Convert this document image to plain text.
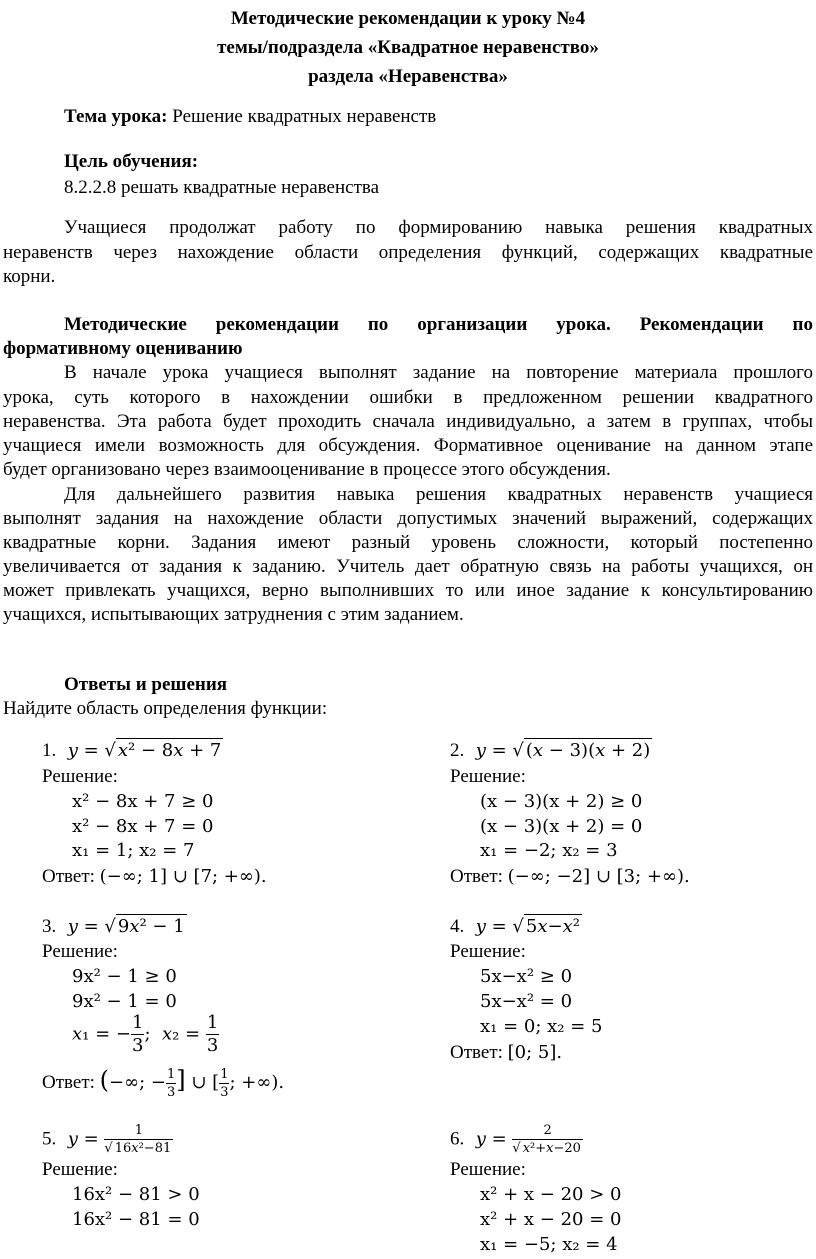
Методические рекомендации к уроку №4
темы/подраздела «Квадратное неравенство»
раздела «Неравенства»
Тема урока: Решение квадратных неравенств
Цель обучения:
8.2.2.8 решать квадратные неравенства
Учащиеся продолжат работу по формированию навыка решения квадратных
неравенств через нахождение области определения функций, содержащих квадратные
корни.
Методические рекомендации по организации урока. Рекомендации по
формативному оцениванию
В начале урока учащиеся выполнят задание на повторение материала прошлого
урока, суть которого в нахождении ошибки в предложенном решении квадратного
неравенства. Эта работа будет проходить сначала индивидуально, а затем в группах, чтобы
учащиеся имели возможность для обсуждения. Формативное оценивание на данном этапе
будет организовано через взаимооценивание в процессе этого обсуждения.
Для дальнейшего развития навыка решения квадратных неравенств учащиеся
выполнят задания на нахождение области допустимых значений выражений, содержащих
квадратные корни. Задания имеют разный уровень сложности, который постепенно
увеличивается от задания к заданию. Учитель дает обратную связь на работы учащихся, он
может привлекать учащихся, верно выполнивших то или иное задание к консультированию
учащихся, испытывающих затруднения с этим заданием.
Ответы и решения
Найдите область определения функции:
1. y = √ x² − 8x + 7
Решение:
x² − 8x + 7 ≥ 0
x² − 8x + 7 = 0
x₁ = 1; x₂ = 7
Ответ: (−∞; 1] ∪ [7; +∞).
2. y = √ (x − 3)(x + 2)
Решение:
(x − 3)(x + 2) ≥ 0
(x − 3)(x + 2) = 0
x₁ = −2; x₂ = 3
Ответ: (−∞; −2] ∪ [3; +∞).
3. y = √ 9x² − 1
Решение:
9x² − 1 ≥ 0
9x² − 1 = 0
x₁ = − $\frac{1}{3}$ ;  $x_2 = \frac{1}{3}$
Ответ: (−∞; − $\frac{1}{3}$ ] ∪ [ $\frac{1}{3}$ ; +∞).
4. y = √ 5x−x²
Решение:
5x−x² ≥ 0
5x−x² = 0
x₁ = 0; x₂ = 5
Ответ: [0; 5].
5. $y = \frac{1}{\text{√ 16x²−81}}$
Решение:
16x² − 81 > 0
16x² − 81 = 0
6. $y = \frac{2}{\text{√ x²+x−20}}$
Решение:
x² + x − 20 > 0
x² + x − 20 = 0
x₁ = −5; x₂ = 4
